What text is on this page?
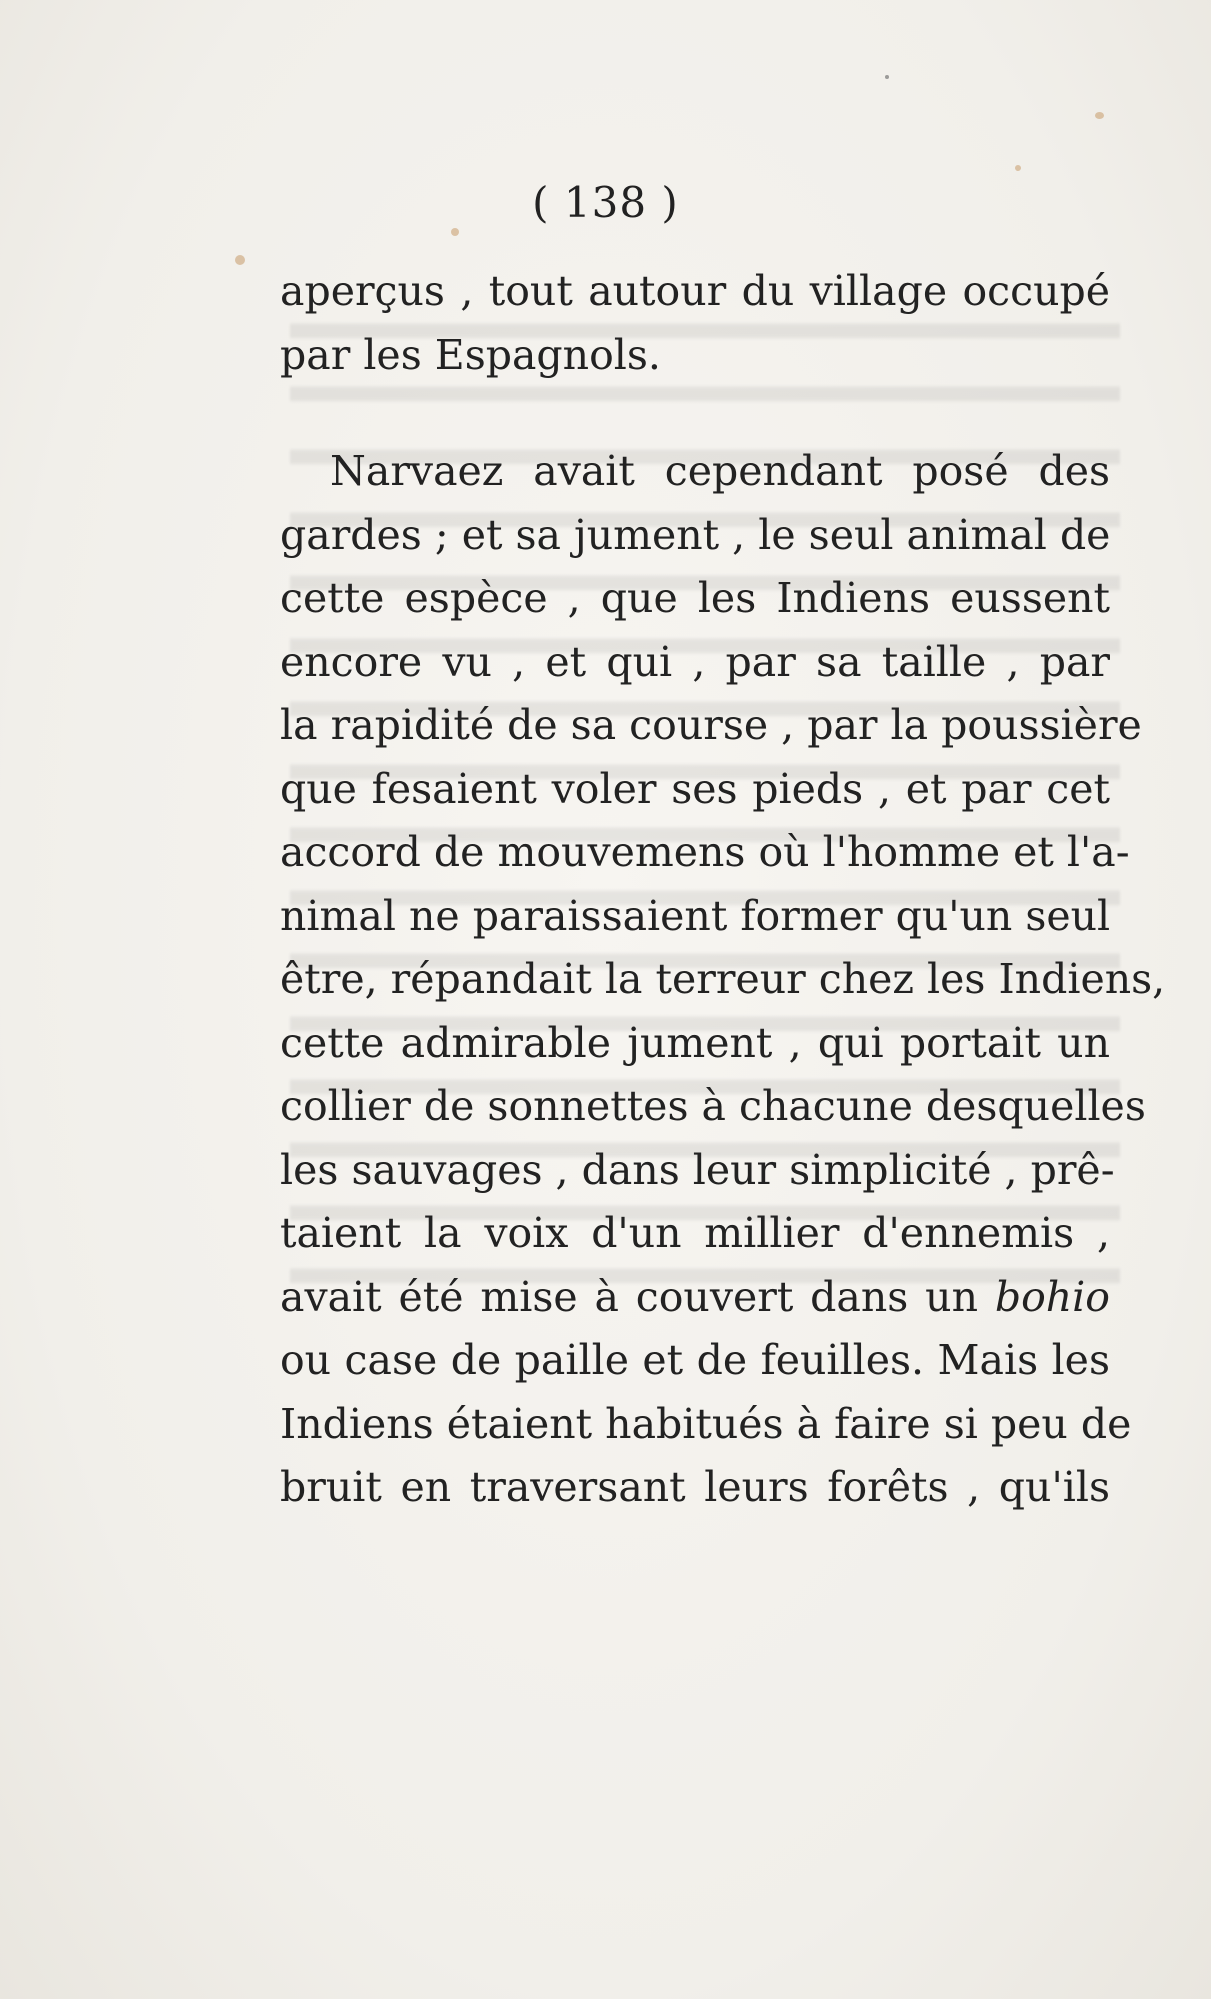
( 138 )
aperçus , tout autour du village occupé
par les Espagnols.
Narvaez avait cependant posé des
gardes ; et sa jument , le seul animal de
cette espèce , que les Indiens eussent
encore vu , et qui , par sa taille , par
la rapidité de sa course , par la poussière
que fesaient voler ses pieds , et par cet
accord de mouvemens où l'homme et l'a-
nimal ne paraissaient former qu'un seul
être, répandait la terreur chez les Indiens,
cette admirable jument , qui portait un
collier de sonnettes à chacune desquelles
les sauvages , dans leur simplicité , prê-
taient la voix d'un millier d'ennemis ,
avait été mise à couvert dans un bohio
ou case de paille et de feuilles. Mais les
Indiens étaient habitués à faire si peu de
bruit en traversant leurs forêts , qu'ils
